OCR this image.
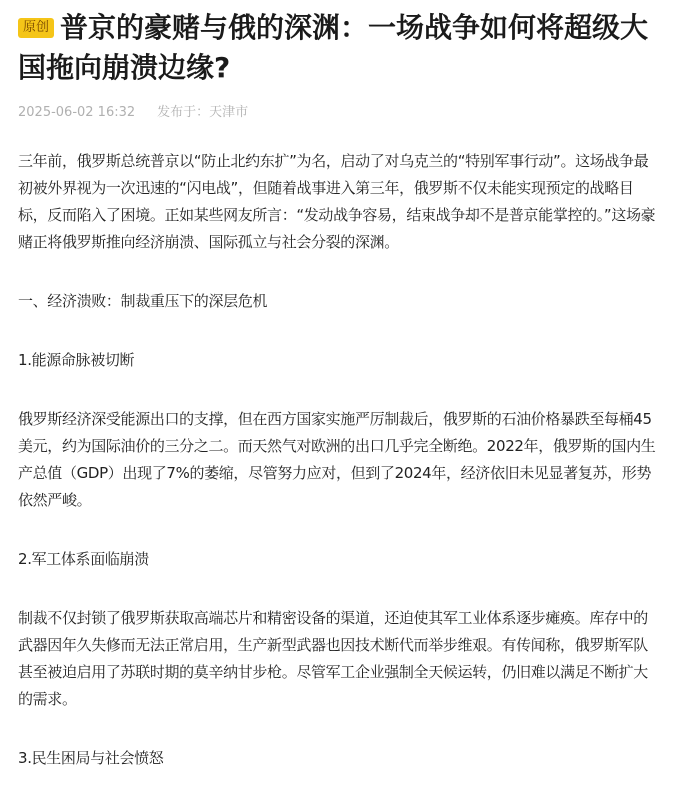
原创 普京的豪赌与俄的深渊：一场战争如何将超级大国拖向崩溃边缘?
2025-06-02 16:32 发布于：天津市

三年前，俄罗斯总统普京以“防止北约东扩”为名，启动了对乌克兰的“特别军事行动”。这场战争最初被外界视为一次迅速的“闪电战”，但随着战事进入第三年，俄罗斯不仅未能实现预定的战略目标，反而陷入了困境。正如某些网友所言：“发动战争容易，结束战争却不是普京能掌控的。”这场豪赌正将俄罗斯推向经济崩溃、国际孤立与社会分裂的深渊。

一、经济溃败：制裁重压下的深层危机

1.能源命脉被切断

俄罗斯经济深受能源出口的支撑，但在西方国家实施严厉制裁后，俄罗斯的石油价格暴跌至每桶45美元，约为国际油价的三分之二。而天然气对欧洲的出口几乎完全断绝。2022年，俄罗斯的国内生产总值（GDP）出现了7%的萎缩，尽管努力应对，但到了2024年，经济依旧未见显著复苏，形势依然严峻。

2.军工体系面临崩溃

制裁不仅封锁了俄罗斯获取高端芯片和精密设备的渠道，还迫使其军工业体系逐步瘫痪。库存中的武器因年久失修而无法正常启用，生产新型武器也因技术断代而举步维艰。有传闻称，俄罗斯军队甚至被迫启用了苏联时期的莫辛纳甘步枪。尽管军工企业强制全天候运转，仍旧难以满足不断扩大的需求。

3.民生困局与社会愤怒
